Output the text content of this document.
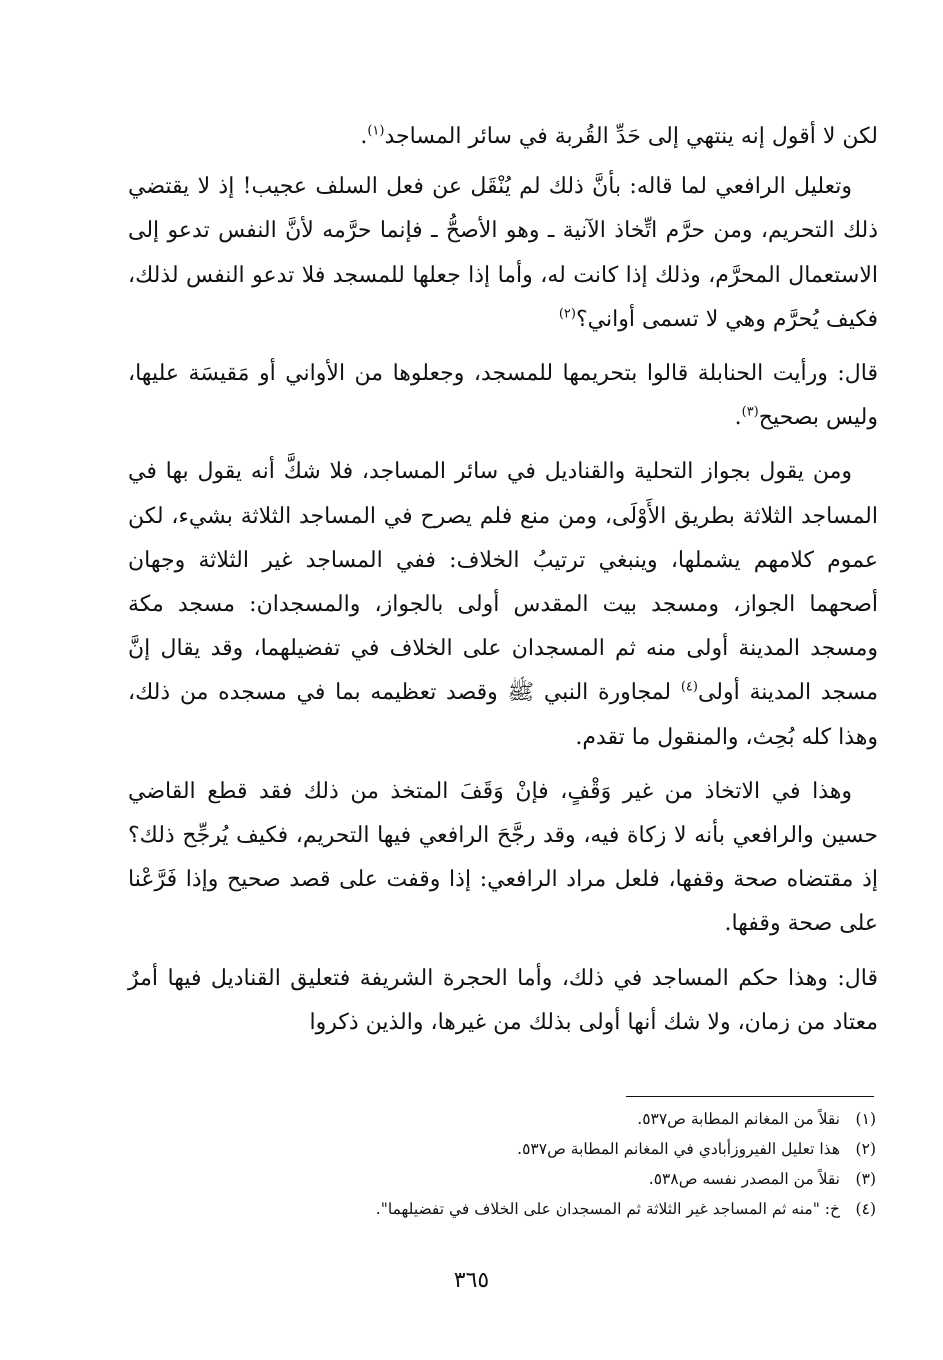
لكن لا أقول إنه ينتهي إلى حَدِّ القُربة في سائر المساجد$^{(١)}$.

وتعليل الرافعي لما قاله: بأنَّ ذلك لم يُنْقَل عن فعل السلف عجيب! إذ لا يقتضي ذلك التحريم، ومن حرَّم اتِّخاذ الآنية ـ وهو الأصحُّ ـ فإنما حرَّمه لأنَّ النفس تدعو إلى الاستعمال المحرَّم، وذلك إذا كانت له، وأما إذا جعلها للمسجد فلا تدعو النفس لذلك، فكيف يُحرَّم وهي لا تسمى أواني؟$^{(٢)}$

قال: ورأيت الحنابلة قالوا بتحريمها للمسجد، وجعلوها من الأواني أو مَقيسَة عليها، وليس بصحيح$^{(٣)}$.

ومن يقول بجواز التحلية والقناديل في سائر المساجد، فلا شكَّ أنه يقول بها في المساجد الثلاثة بطريق الأَوْلَى، ومن منع فلم يصرح في المساجد الثلاثة بشيء، لكن عموم كلامهم يشملها، وينبغي ترتيبُ الخلاف: ففي المساجد غير الثلاثة وجهان أصحهما الجواز، ومسجد بيت المقدس أولى بالجواز، والمسجدان: مسجد مكة ومسجد المدينة أولى منه ثم المسجدان على الخلاف في تفضيلهما، وقد يقال إنَّ مسجد المدينة أولى$^{(٤)}$ لمجاورة النبي ﷺ وقصد تعظيمه بما في مسجده من ذلك، وهذا كله بُحِث، والمنقول ما تقدم.

وهذا في الاتخاذ من غير وَقْفٍ، فإنْ وَقَفَ المتخذ من ذلك فقد قطع القاضي حسين والرافعي بأنه لا زكاة فيه، وقد رجَّحَ الرافعي فيها التحريم، فكيف يُرجِّح ذلك؟ إذ مقتضاه صحة وقفها، فلعل مراد الرافعي: إذا وقفت على قصد صحيح وإذا فَرَّعْنا على صحة وقفها.

قال: وهذا حكم المساجد في ذلك، وأما الحجرة الشريفة فتعليق القناديل فيها أمرٌ معتاد من زمان، ولا شك أنها أولى بذلك من غيرها، والذين ذكروا

(١)نقلاً من المغانم المطابة ص٥٣٧.
(٢)هذا تعليل الفيروزأبادي في المغانم المطابة ص٥٣٧.
(٣)نقلاً من المصدر نفسه ص٥٣٨.
(٤)خ: "منه ثم المساجد غير الثلاثة ثم المسجدان على الخلاف في تفضيلهما".
٣٦٥
